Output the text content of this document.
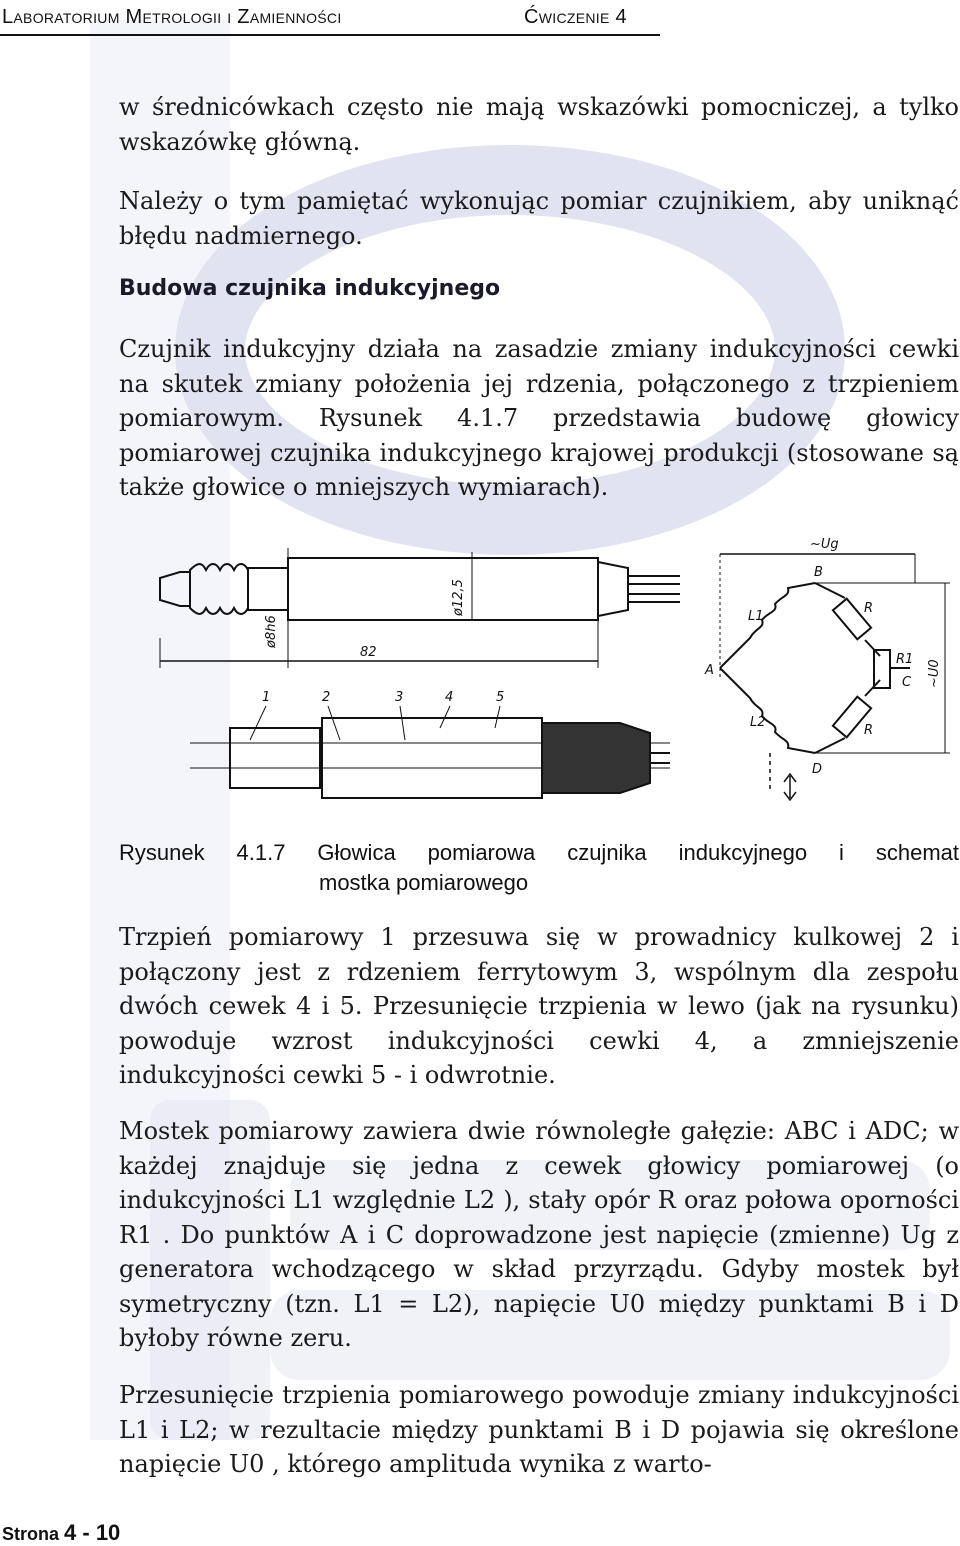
Laboratorium Metrologii i Zamienności	Ćwiczenie 4

w średnicówkach często nie mają wskazówki pomocniczej, a tylko wskazówkę główną.

Należy o tym pamiętać wykonując pomiar czujnikiem, aby uniknąć błędu nadmiernego.

Budowa czujnika indukcyjnego

Czujnik indukcyjny działa na zasadzie zmiany indukcyjności cewki na skutek zmiany położenia jej rdzenia, połączonego z trzpieniem pomiarowym. Rysunek 4.1.7 przedstawia budowę głowicy pomiarowej czujnika indukcyjnego krajowej produkcji (stosowane są także głowice o mniejszych wymiarach).

ø8h6
ø12,5
82
1	2	3	4	5
~Ug
B
R
L1
A
R1
C ~U0
L2
R
D
Rysunek 4.1.7 Głowica pomiarowa czujnika indukcyjnego i schemat
mostka pomiarowego

Trzpień pomiarowy 1 przesuwa się w prowadnicy kulkowej 2 i połączony jest z rdzeniem ferrytowym 3, wspólnym dla zespołu dwóch cewek 4 i 5. Przesunięcie trzpienia w lewo (jak na rysunku) powoduje wzrost indukcyjności cewki 4, a zmniejszenie indukcyjności cewki 5 - i odwrotnie.

Mostek pomiarowy zawiera dwie równoległe gałęzie: ABC i ADC; w każdej znajduje się jedna z cewek głowicy pomiarowej (o indukcyjności L1 względnie L2 ), stały opór R oraz połowa oporności R1 . Do punktów A i C doprowadzone jest napięcie (zmienne) Ug z generatora wchodzącego w skład przyrządu. Gdyby mostek był symetryczny (tzn. L1 = L2), napięcie U0 między punktami B i D byłoby równe zeru.

Przesunięcie trzpienia pomiarowego powoduje zmiany indukcyjności L1 i L2; w rezultacie między punktami B i D pojawia się określone napięcie U0 , którego amplituda wynika z warto-

Strona 4 - 10
